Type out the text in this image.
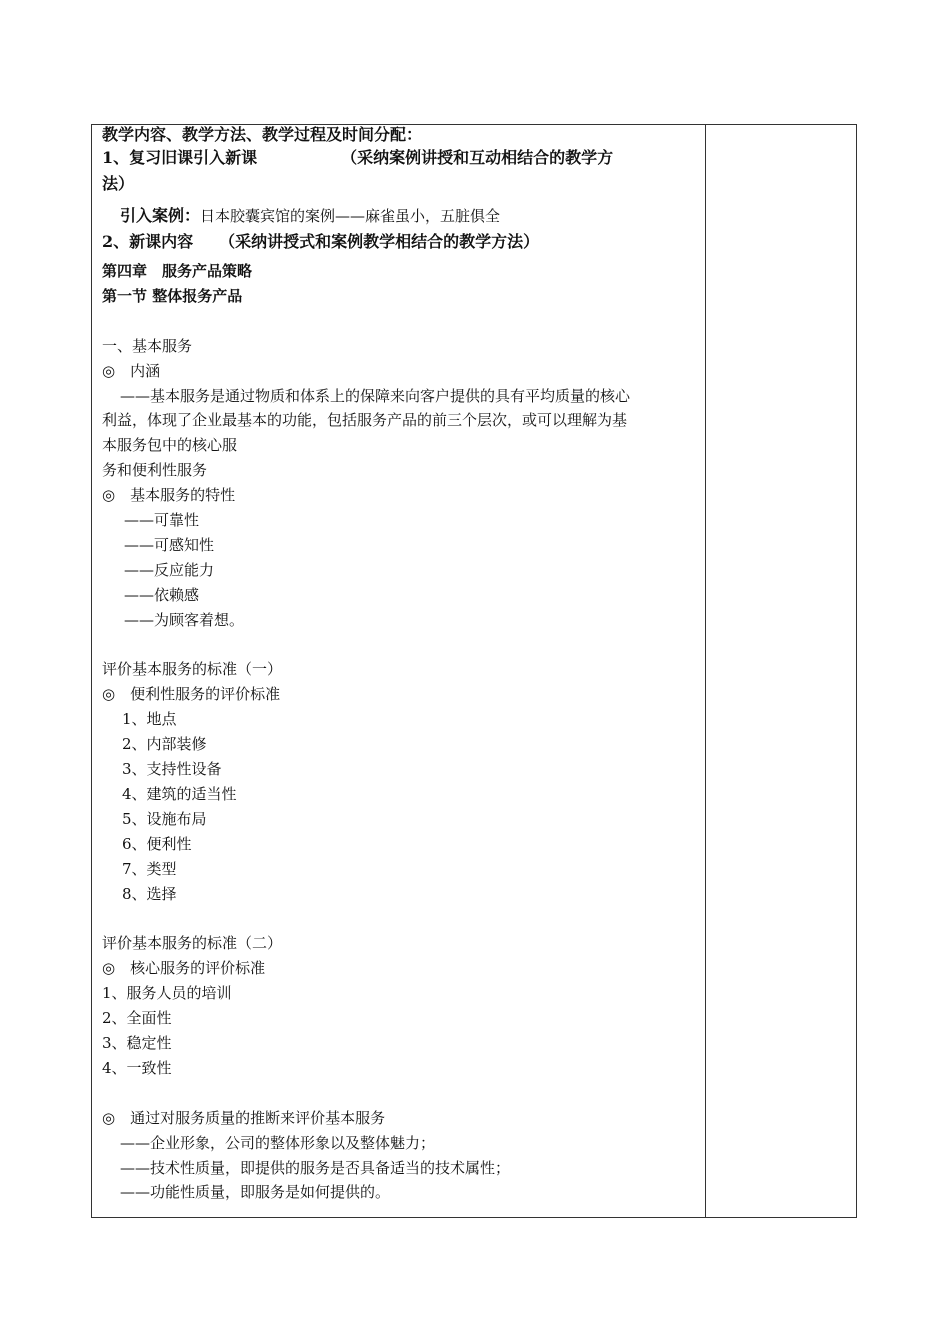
教学内容、教学方法、教学过程及时间分配：
1、复习旧课引入新课	（采纳案例讲授和互动相结合的教学方
法）
引入案例：日本胶囊宾馆的案例——麻雀虽小，五脏俱全
2、新课内容 （采纳讲授式和案例教学相结合的教学方法）
第四章　服务产品策略
第一节 整体报务产品
一、基本服务
◎　内涵
——基本服务是通过物质和体系上的保障来向客户提供的具有平均质量的核心
利益，体现了企业最基本的功能，包括服务产品的前三个层次，或可以理解为基
本服务包中的核心服
务和便利性服务
◎　基本服务的特性
——可靠性
——可感知性
——反应能力
——依赖感
——为顾客着想。
评价基本服务的标准（一）
◎　便利性服务的评价标准
1、地点
2、内部装修
3、支持性设备
4、建筑的适当性
5、设施布局
6、便利性
7、类型
8、选择
评价基本服务的标准（二）
◎　核心服务的评价标准
1、服务人员的培训
2、全面性
3、稳定性
4、一致性
◎　通过对服务质量的推断来评价基本服务
——企业形象，公司的整体形象以及整体魅力；
——技术性质量，即提供的服务是否具备适当的技术属性；
——功能性质量，即服务是如何提供的。
